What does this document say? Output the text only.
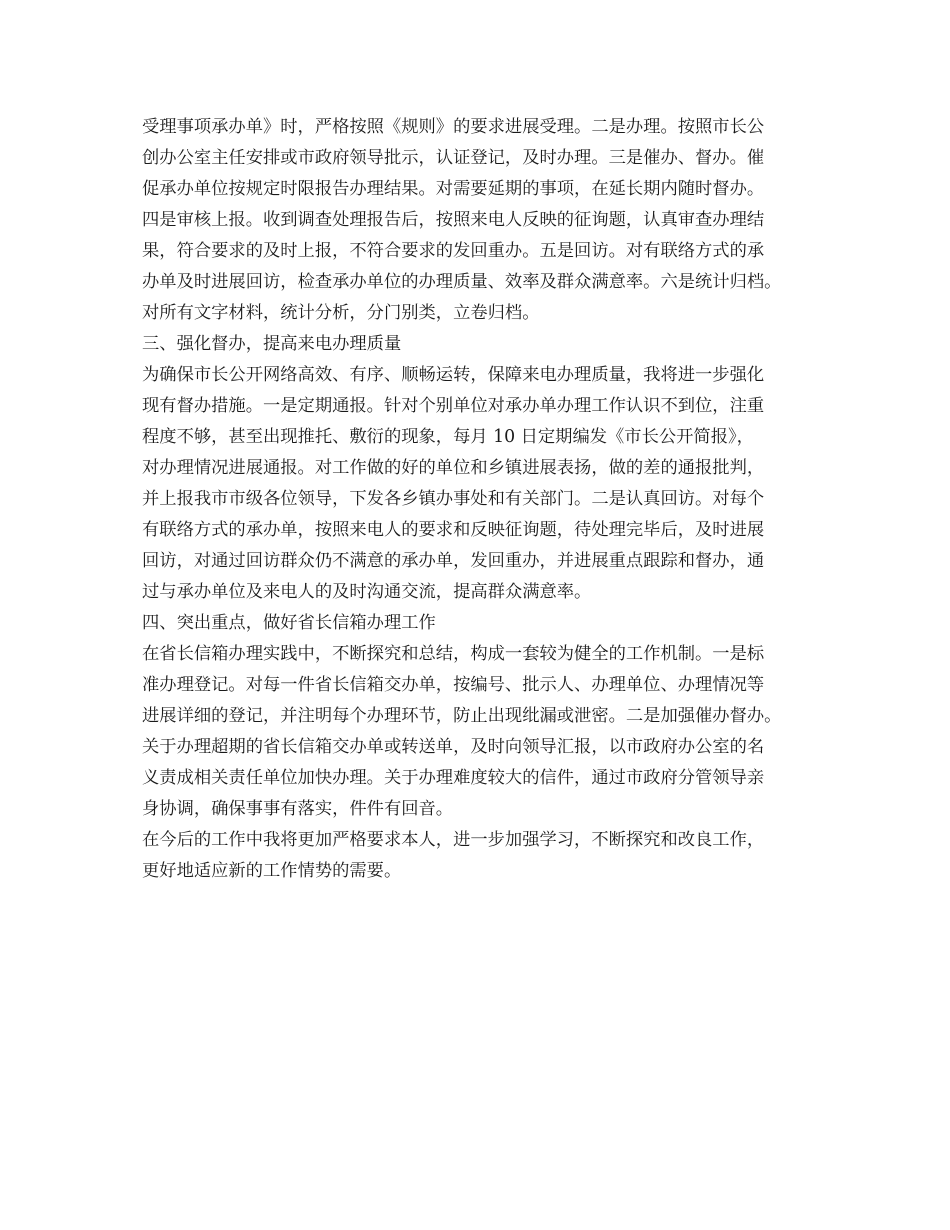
受理事项承办单》时，严格按照《规则》的要求进展受理。二是办理。按照市长公
创办公室主任安排或市政府领导批示，认证登记，及时办理。三是催办、督办。催
促承办单位按规定时限报告办理结果。对需要延期的事项，在延长期内随时督办。
四是审核上报。收到调查处理报告后，按照来电人反映的征询题，认真审查办理结
果，符合要求的及时上报，不符合要求的发回重办。五是回访。对有联络方式的承
办单及时进展回访，检查承办单位的办理质量、效率及群众满意率。六是统计归档。
对所有文字材料，统计分析，分门别类，立卷归档。
三、强化督办，提高来电办理质量
为确保市长公开网络高效、有序、顺畅运转，保障来电办理质量，我将进一步强化
现有督办措施。一是定期通报。针对个别单位对承办单办理工作认识不到位，注重
程度不够，甚至出现推托、敷衍的现象，每月 10 日定期编发《市长公开简报》，
对办理情况进展通报。对工作做的好的单位和乡镇进展表扬，做的差的通报批判，
并上报我市市级各位领导，下发各乡镇办事处和有关部门。二是认真回访。对每个
有联络方式的承办单，按照来电人的要求和反映征询题，待处理完毕后，及时进展
回访，对通过回访群众仍不满意的承办单，发回重办，并进展重点跟踪和督办，通
过与承办单位及来电人的及时沟通交流，提高群众满意率。
四、突出重点，做好省长信箱办理工作
在省长信箱办理实践中，不断探究和总结，构成一套较为健全的工作机制。一是标
准办理登记。对每一件省长信箱交办单，按编号、批示人、办理单位、办理情况等
进展详细的登记，并注明每个办理环节，防止出现纰漏或泄密。二是加强催办督办。
关于办理超期的省长信箱交办单或转送单，及时向领导汇报，以市政府办公室的名
义责成相关责任单位加快办理。关于办理难度较大的信件，通过市政府分管领导亲
身协调，确保事事有落实，件件有回音。
在今后的工作中我将更加严格要求本人，进一步加强学习，不断探究和改良工作，
更好地适应新的工作情势的需要。
